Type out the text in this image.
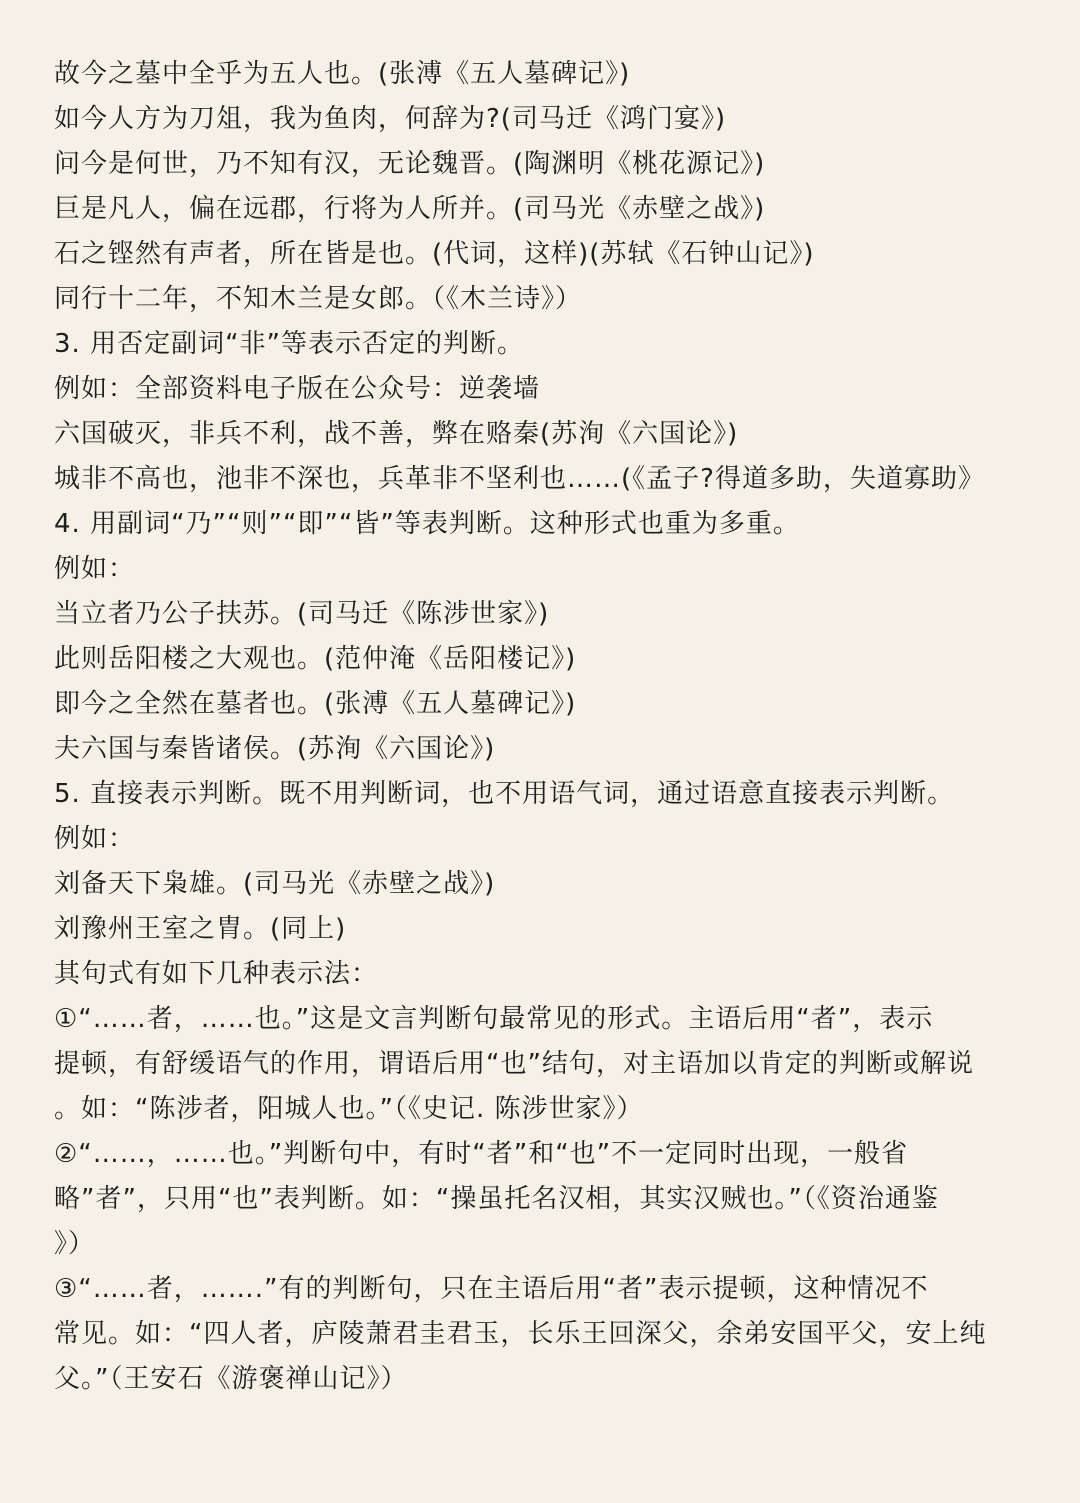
故今之墓中全乎为五人也。(张溥《五人墓碑记》)
如今人方为刀俎，我为鱼肉，何辞为?(司马迁《鸿门宴》)
问今是何世，乃不知有汉，无论魏晋。(陶渊明《桃花源记》)
巨是凡人，偏在远郡，行将为人所并。(司马光《赤壁之战》)
石之铿然有声者，所在皆是也。(代词，这样)(苏轼《石钟山记》)
同行十二年，不知木兰是女郎。（《木兰诗》）
3. 用否定副词“非”等表示否定的判断。
例如：全部资料电子版在公众号：逆袭墙
六国破灭，非兵不利，战不善，弊在赂秦(苏洵《六国论》)
城非不高也，池非不深也，兵革非不坚利也……(《孟子?得道多助，失道寡助》
4. 用副词“乃”“则”“即”“皆”等表判断。这种形式也重为多重。
例如：
当立者乃公子扶苏。(司马迁《陈涉世家》)
此则岳阳楼之大观也。(范仲淹《岳阳楼记》)
即今之全然在墓者也。(张溥《五人墓碑记》)
夫六国与秦皆诸侯。(苏洵《六国论》)
5. 直接表示判断。既不用判断词，也不用语气词，通过语意直接表示判断。
例如：
刘备天下枭雄。(司马光《赤壁之战》)
刘豫州王室之胄。(同上)
其句式有如下几种表示法：
①“……者，……也。”这是文言判断句最常见的形式。主语后用“者”，表示
提顿，有舒缓语气的作用，谓语后用“也”结句，对主语加以肯定的判断或解说
。如：“陈涉者，阳城人也。”（《史记. 陈涉世家》）
②“……，……也。”判断句中，有时“者”和“也”不一定同时出现，一般省
略”者”，只用“也”表判断。如：“操虽托名汉相，其实汉贼也。”（《资治通鉴
》）
③“……者，…….”有的判断句，只在主语后用“者”表示提顿，这种情况不
常见。如：“四人者，庐陵萧君圭君玉，长乐王回深父，余弟安国平父，安上纯
父。”（王安石《游褒禅山记》）
